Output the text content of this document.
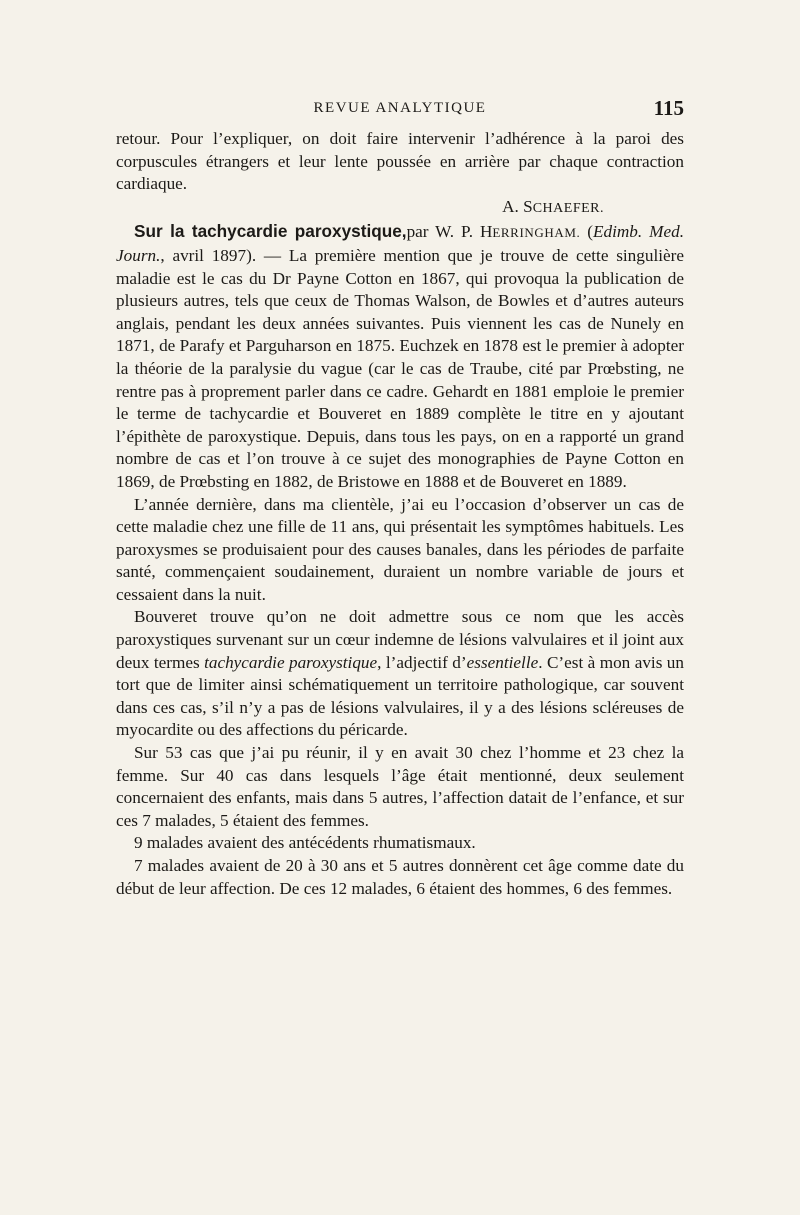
REVUE ANALYTIQUE	115

retour. Pour l’expliquer, on doit faire intervenir l’adhérence à la paroi des corpuscules étrangers et leur lente poussée en arrière par chaque contraction cardiaque.

A. SCHAEFER.

Sur la tachycardie paroxystique,par W. P. HERRINGHAM. (Edimb. Med. Journ., avril 1897). — La première mention que je trouve de cette singulière maladie est le cas du Dr Payne Cotton en 1867, qui provoqua la publication de plusieurs autres, tels que ceux de Thomas Walson, de Bowles et d’autres auteurs anglais, pendant les deux années suivantes. Puis viennent les cas de Nunely en 1871, de Parafy et Parguharson en 1875. Euchzek en 1878 est le premier à adopter la théorie de la paralysie du vague (car le cas de Traube, cité par Prœbsting, ne rentre pas à proprement parler dans ce cadre. Gehardt en 1881 emploie le premier le terme de tachycardie et Bouveret en 1889 complète le titre en y ajoutant l’épithète de paroxystique. Depuis, dans tous les pays, on en a rapporté un grand nombre de cas et l’on trouve à ce sujet des monographies de Payne Cotton en 1869, de Prœbsting en 1882, de Bristowe en 1888 et de Bouveret en 1889.

L’année dernière, dans ma clientèle, j’ai eu l’occasion d’observer un cas de cette maladie chez une fille de 11 ans, qui présentait les symptômes habituels. Les paroxysmes se produisaient pour des causes banales, dans les périodes de parfaite santé, commençaient soudainement, duraient un nombre variable de jours et cessaient dans la nuit.

Bouveret trouve qu’on ne doit admettre sous ce nom que les accès paroxystiques survenant sur un cœur indemne de lésions valvulaires et il joint aux deux termes tachycardie paroxystique, l’adjectif d’essentielle. C’est à mon avis un tort que de limiter ainsi schématiquement un territoire pathologique, car souvent dans ces cas, s’il n’y a pas de lésions valvulaires, il y a des lésions scléreuses de myocardite ou des affections du péricarde.

Sur 53 cas que j’ai pu réunir, il y en avait 30 chez l’homme et 23 chez la femme. Sur 40 cas dans lesquels l’âge était mentionné, deux seulement concernaient des enfants, mais dans 5 autres, l’affection datait de l’enfance, et sur ces 7 malades, 5 étaient des femmes.

9 malades avaient des antécédents rhumatismaux.

7 malades avaient de 20 à 30 ans et 5 autres donnèrent cet âge comme date du début de leur affection. De ces 12 malades, 6 étaient des hommes, 6 des femmes.
